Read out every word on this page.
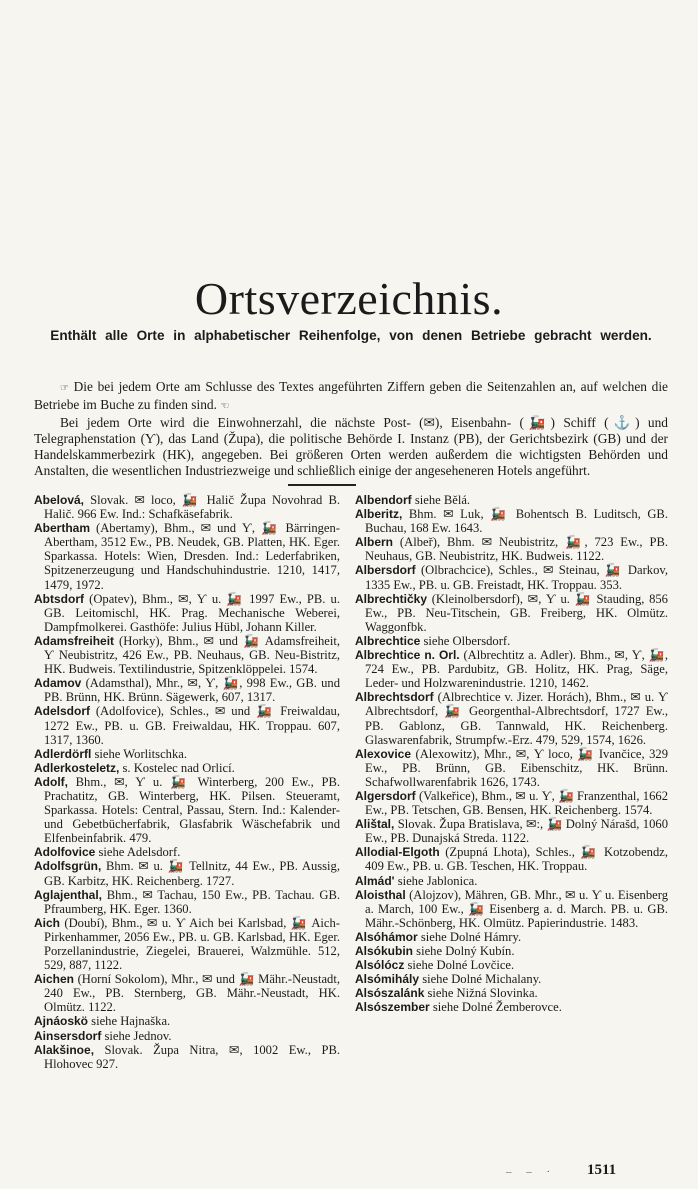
Ortsverzeichnis.
Enthält alle Orte in alphabetischer Reihenfolge, von denen Betriebe gebracht werden.

☞ Die bei jedem Orte am Schlusse des Textes angeführten Ziffern geben die Seitenzahlen an, auf welchen die Betriebe im Buche zu finden sind. ☜

Bei jedem Orte wird die Einwohnerzahl, die nächste Post- (✉), Eisenbahn- (🚂) Schiff (⚓) und Telegraphenstation (Ƴ), das Land (Župa), die politische Behörde I. Instanz (PB), der Gerichtsbezirk (GB) und der Handelskammerbezirk (HK), angegeben. Bei größeren Orten werden außerdem die wichtigsten Behörden und Anstalten, die wesentlichen Industriezweige und schließlich einige der angeseheneren Hotels angeführt.

Abelová, Slovak. ✉ loco, 🚂 Halič Župa Novohrad B. Halič. 966 Ew. Ind.: Schafkäsefabrik.

Abertham (Abertamy), Bhm., ✉ und Ƴ, 🚂 Bärringen-Abertham, 3512 Ew., PB. Neudek, GB. Platten, HK. Eger. Sparkassa. Hotels: Wien, Dresden. Ind.: Lederfabriken, Spitzenerzeugung und Handschuhindustrie. 1210, 1417, 1479, 1972.

Abtsdorf (Opatev), Bhm., ✉, Ƴ u. 🚂 1997 Ew., PB. u. GB. Leitomischl, HK. Prag. Mechanische Weberei, Dampfmolkerei. Gasthöfe: Julius Hübl, Johann Killer.

Adamsfreiheit (Horky), Bhm., ✉ und 🚂 Adamsfreiheit, Ƴ Neubistritz, 426 Ew., PB. Neuhaus, GB. Neu-Bistritz, HK. Budweis. Textilindustrie, Spitzenklöppelei. 1574.

Adamov (Adamsthal), Mhr., ✉, Ƴ, 🚂, 998 Ew., GB. und PB. Brünn, HK. Brünn. Sägewerk, 607, 1317.

Adelsdorf (Adolfovice), Schles., ✉ und 🚂 Freiwaldau, 1272 Ew., PB. u. GB. Freiwaldau, HK. Troppau. 607, 1317, 1360.

Adlerdörfl siehe Worlitschka.

Adlerkosteletz, s. Kostelec nad Orlicí.

Adolf, Bhm., ✉, Ƴ u. 🚂 Winterberg, 200 Ew., PB. Prachatitz, GB. Winterberg, HK. Pilsen. Steueramt, Sparkassa. Hotels: Central, Passau, Stern. Ind.: Kalender- und Gebetbücherfabrik, Glasfabrik Wäschefabrik und Elfenbeinfabrik. 479.

Adolfovice siehe Adelsdorf.

Adolfsgrün, Bhm. ✉ u. 🚂 Tellnitz, 44 Ew., PB. Aussig, GB. Karbitz, HK. Reichenberg. 1727.

Aglajenthal, Bhm., ✉ Tachau, 150 Ew., PB. Tachau. GB. Pfraumberg, HK. Eger. 1360.

Aich (Doubí), Bhm., ✉ u. Ƴ Aich bei Karlsbad, 🚂 Aich-Pirkenhammer, 2056 Ew., PB. u. GB. Karlsbad, HK. Eger. Porzellanindustrie, Ziegelei, Brauerei, Walzmühle. 512, 529, 887, 1122.

Aichen (Horní Sokolom), Mhr., ✉ und 🚂 Mähr.-Neustadt, 240 Ew., PB. Sternberg, GB. Mähr.-Neustadt, HK. Olmütz. 1122.

Ajnáoskö siehe Hajnaška.

Ainsersdorf siehe Jednov.

Alakšinoe, Slovak. Župa Nitra, ✉, 1002 Ew., PB. Hlohovec 927.

Albendorf siehe Bělá.

Alberitz, Bhm. ✉ Luk, 🚂 Bohentsch B. Luditsch, GB. Buchau, 168 Ew. 1643.

Albern (Albeř), Bhm. ✉ Neubistritz, 🚂, 723 Ew., PB. Neuhaus, GB. Neubistritz, HK. Budweis. 1122.

Albersdorf (Olbrachcice), Schles., ✉ Steinau, 🚂 Darkov, 1335 Ew., PB. u. GB. Freistadt, HK. Troppau. 353.

Albrechtičky (Kleinolbersdorf), ✉, Ƴ u. 🚂 Stauding, 856 Ew., PB. Neu-Titschein, GB. Freiberg, HK. Olmütz. Waggonfbk.

Albrechtice siehe Olbersdorf.

Albrechtice n. Orl. (Albrechtitz a. Adler). Bhm., ✉, Ƴ, 🚂, 724 Ew., PB. Pardubitz, GB. Holitz, HK. Prag, Säge, Leder- und Holzwarenindustrie. 1210, 1462.

Albrechtsdorf (Albrechtice v. Jizer. Horách), Bhm., ✉ u. Ƴ Albrechtsdorf, 🚂 Georgenthal-Albrechtsdorf, 1727 Ew., PB. Gablonz, GB. Tannwald, HK. Reichenberg. Glaswarenfabrik, Strumpfw.-Erz. 479, 529, 1574, 1626.

Alexovice (Alexowitz), Mhr., ✉, Ƴ loco, 🚂 Ivančice, 329 Ew., PB. Brünn, GB. Eibenschitz, HK. Brünn. Schafwollwarenfabrik 1626, 1743.

Algersdorf (Valkeřice), Bhm., ✉ u. Ƴ, 🚂 Franzenthal, 1662 Ew., PB. Tetschen, GB. Bensen, HK. Reichenberg. 1574.

Alištal, Slovak. Župa Bratislava, ✉:, 🚂 Dolný Nárašd, 1060 Ew., PB. Dunajská Streda. 1122.

Allodial-Elgoth (Zpupná Lhota), Schles., 🚂 Kotzobendz, 409 Ew., PB. u. GB. Teschen, HK. Troppau.

Almád' siehe Jablonica.

Aloisthal (Alojzov), Mähren, GB. Mhr., ✉ u. Ƴ u. Eisenberg a. March, 100 Ew., 🚂 Eisenberg a. d. March. PB. u. GB. Mähr.-Schönberg, HK. Olmütz. Papierindustrie. 1483.

Alsóhámor siehe Dolné Hámry.

Alsókubin siehe Dolný Kubín.

Alsólócz siehe Dolné Lovčice.

Alsómihály siehe Dolné Michalany.

Alsószalánk siehe Nižná Slovinka.

Alsószember siehe Dolné Žemberovce.

– – · 1511
